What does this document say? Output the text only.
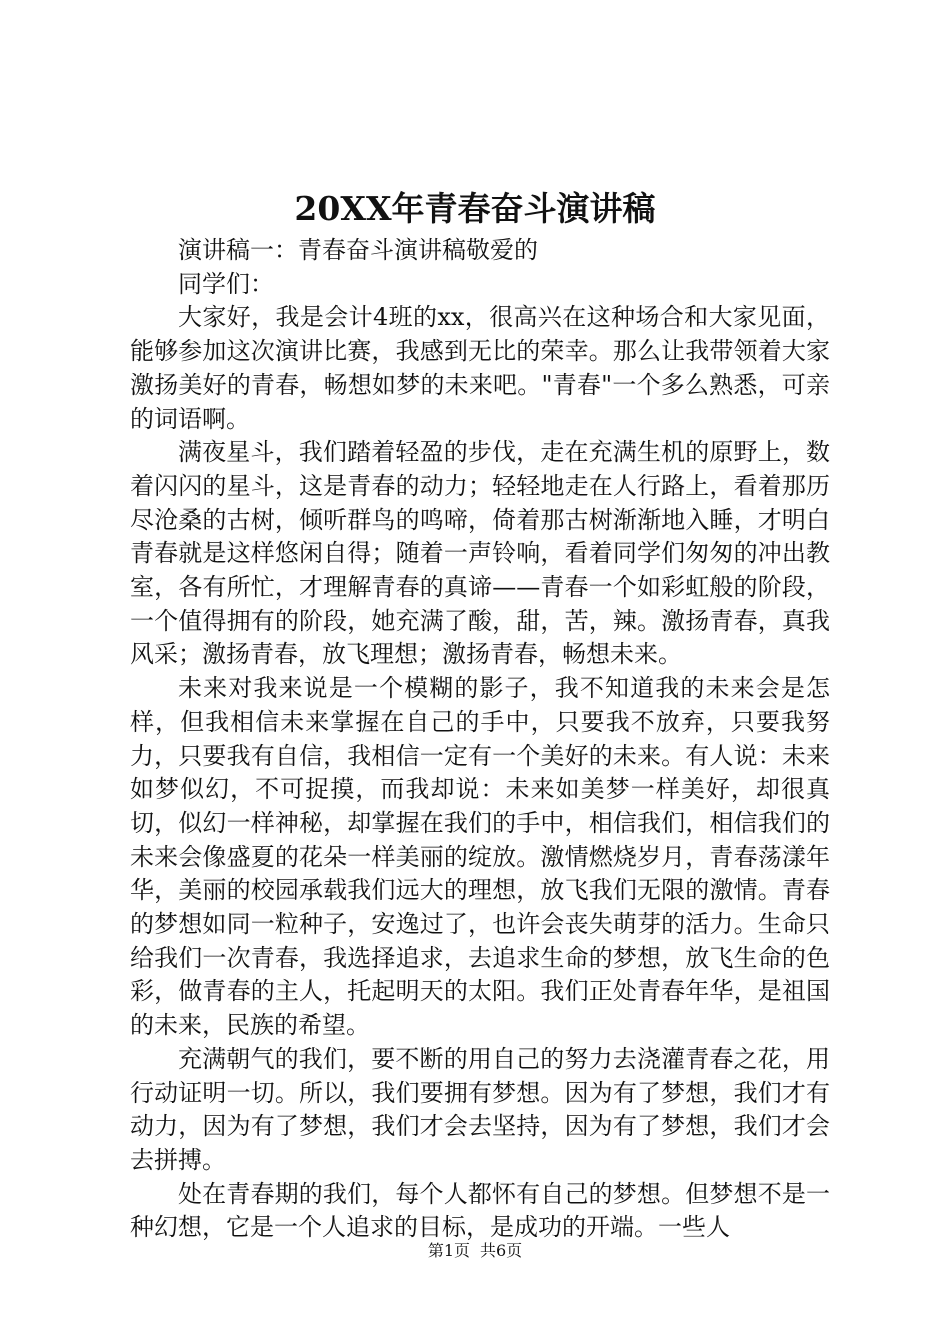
20XX年青春奋斗演讲稿

演讲稿一：青春奋斗演讲稿敬爱的

同学们：

大家好，我是会计4班的xx，很高兴在这种场合和大家见面，能够参加这次演讲比赛，我感到无比的荣幸。那么让我带领着大家激扬美好的青春，畅想如梦的未来吧。"青春"一个多么熟悉，可亲的词语啊。

满夜星斗，我们踏着轻盈的步伐，走在充满生机的原野上，数着闪闪的星斗，这是青春的动力；轻轻地走在人行路上，看着那历尽沧桑的古树，倾听群鸟的鸣啼，倚着那古树渐渐地入睡，才明白青春就是这样悠闲自得；随着一声铃响，看着同学们匆匆的冲出教室，各有所忙，才理解青春的真谛——青春一个如彩虹般的阶段，一个值得拥有的阶段，她充满了酸，甜，苦，辣。激扬青春，真我风采；激扬青春，放飞理想；激扬青春，畅想未来。

未来对我来说是一个模糊的影子，我不知道我的未来会是怎样，但我相信未来掌握在自己的手中，只要我不放弃，只要我努力，只要我有自信，我相信一定有一个美好的未来。有人说：未来如梦似幻，不可捉摸，而我却说：未来如美梦一样美好，却很真切，似幻一样神秘，却掌握在我们的手中，相信我们，相信我们的未来会像盛夏的花朵一样美丽的绽放。激情燃烧岁月，青春荡漾年华，美丽的校园承载我们远大的理想，放飞我们无限的激情。青春的梦想如同一粒种子，安逸过了，也许会丧失萌芽的活力。生命只给我们一次青春，我选择追求，去追求生命的梦想，放飞生命的色彩，做青春的主人，托起明天的太阳。我们正处青春年华，是祖国的未来，民族的希望。

充满朝气的我们，要不断的用自己的努力去浇灌青春之花，用行动证明一切。所以，我们要拥有梦想。因为有了梦想，我们才有动力，因为有了梦想，我们才会去坚持，因为有了梦想，我们才会去拼搏。

处在青春期的我们，每个人都怀有自己的梦想。但梦想不是一种幻想，它是一个人追求的目标，是成功的开端。一些人

第1页 共6页
